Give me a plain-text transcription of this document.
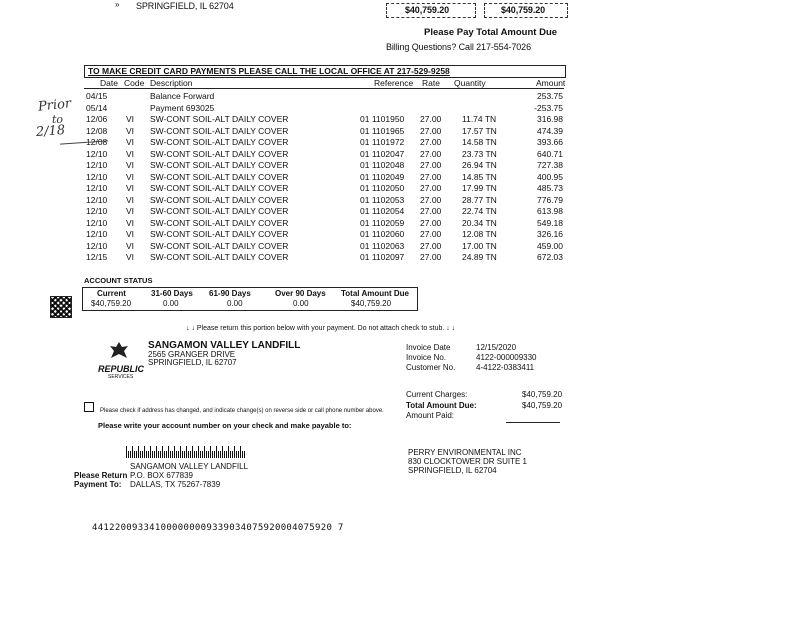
» SPRINGFIELD, IL 62704	$40,759.20	$40,759.20
Please Pay Total Amount Due
Billing Questions? Call 217-554-7026
TO MAKE CREDIT CARD PAYMENTS PLEASE CALL THE LOCAL OFFICE AT 217-529-9258
Date Code Description	Reference Rate Quantity	Amount
04/15	Balance Forward	253.75
05/14	Payment 693025	-253.75
12/06 VI SW-CONT SOIL-ALT DAILY COVER	01 1101950 27.00 11.74 TN	316.98
12/08 VI SW-CONT SOIL-ALT DAILY COVER	01 1101965 27.00 17.57 TN	474.39
12/08 VI SW-CONT SOIL-ALT DAILY COVER	01 1101972 27.00 14.58 TN	393.66
12/10 VI SW-CONT SOIL-ALT DAILY COVER	01 1102047 27.00 23.73 TN	640.71
12/10 VI SW-CONT SOIL-ALT DAILY COVER	01 1102048 27.00 26.94 TN	727.38
12/10 VI SW-CONT SOIL-ALT DAILY COVER	01 1102049 27.00 14.85 TN	400.95
12/10 VI SW-CONT SOIL-ALT DAILY COVER	01 1102050 27.00 17.99 TN	485.73
12/10 VI SW-CONT SOIL-ALT DAILY COVER	01 1102053 27.00 28.77 TN	776.79
12/10 VI SW-CONT SOIL-ALT DAILY COVER	01 1102054 27.00 22.74 TN	613.98
12/10 VI SW-CONT SOIL-ALT DAILY COVER	01 1102059 27.00 20.34 TN	549.18
12/10 VI SW-CONT SOIL-ALT DAILY COVER	01 1102060 27.00 12.08 TN	326.16
12/10 VI SW-CONT SOIL-ALT DAILY COVER	01 1102063 27.00 17.00 TN	459.00
12/15 VI SW-CONT SOIL-ALT DAILY COVER	01 1102097 27.00 24.89 TN	672.03
Prior
to
2/18
ACCOUNT STATUS
Current	31-60 Days 61-90 Days	Over 90 Days Total Amount Due
$40,759.20	0.00	0.00	0.00	$40,759.20
↓ ↓ Please return this portion below with your payment. Do not attach check to stub. ↓ ↓
REPUBLIC
SERVICES
SANGAMON VALLEY LANDFILL
2565 GRANGER DRIVE
SPRINGFIELD, IL 62707
Invoice Date	12/15/2020
Invoice No.	4122-000009330
Customer No.	4-4122-0383411
Current Charges:	$40,759.20
Total Amount Due:	$40,759.20
Amount Paid:
Please check if address has changed, and indicate change(s) on reverse side or call phone number above.
Please write your account number on your check and make payable to:
SANGAMON VALLEY LANDFILL
Please Return P.O. BOX 677839
Payment To: DALLAS, TX 75267-7839
PERRY ENVIRONMENTAL INC
830 CLOCKTOWER DR SUITE 1
SPRINGFIELD, IL 62704
441220093341000000009339034075920004075920 7
